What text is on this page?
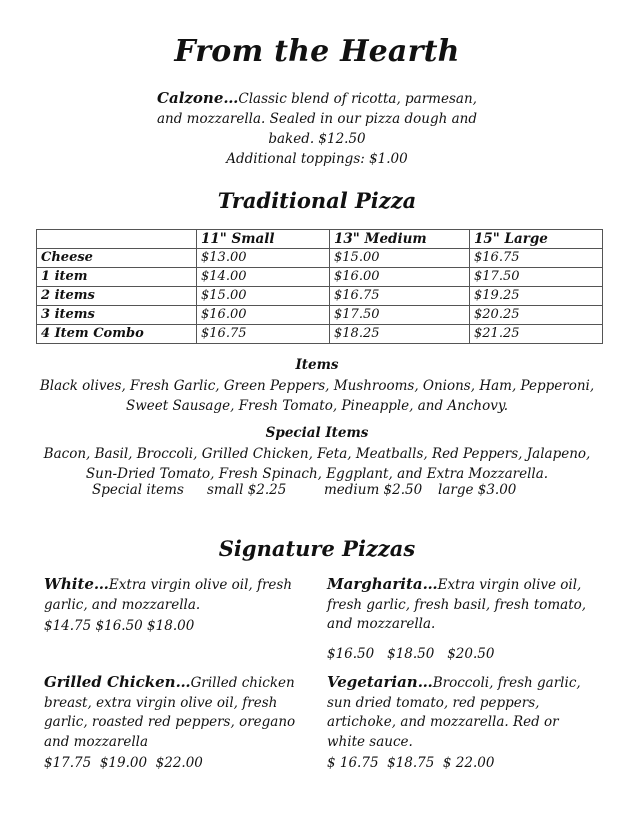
From the Hearth
Calzone…Classic blend of ricotta, parmesan, and mozzarella. Sealed in our pizza dough and baked. $12.50
Additional toppings: $1.00
Traditional Pizza
	11" Small	13" Medium	15" Large
Cheese	$13.00	$15.00	$16.75
1 item	$14.00	$16.00	$17.50
2 items	$15.00	$16.75	$19.25
3 items	$16.00	$17.50	$20.25
4 Item Combo	$16.75	$18.25	$21.25
Items
Black olives, Fresh Garlic, Green Peppers, Mushrooms, Onions, Ham, Pepperoni, Sweet Sausage, Fresh Tomato, Pineapple, and Anchovy.
Special Items
Bacon, Basil, Broccoli, Grilled Chicken, Feta, Meatballs, Red Peppers, Jalapeno, Sun-Dried Tomato, Fresh Spinach, Eggplant, and Extra Mozzarella.
Special items small $2.25	medium $2.50 large $3.00
Signature Pizzas
White…Extra virgin olive oil, fresh garlic, and mozzarella.
$14.75 $16.50 $18.00
Margharita…Extra virgin olive oil, fresh garlic, fresh basil, fresh tomato, and mozzarella.
$16.50   $18.50   $20.50
Grilled Chicken…Grilled chicken breast, extra virgin olive oil, fresh garlic, roasted red peppers, oregano and mozzarella
$17.75  $19.00  $22.00
Vegetarian…Broccoli, fresh garlic, sun dried tomato, red peppers, artichoke, and mozzarella. Red or white sauce.
$ 16.75  $18.75  $ 22.00
